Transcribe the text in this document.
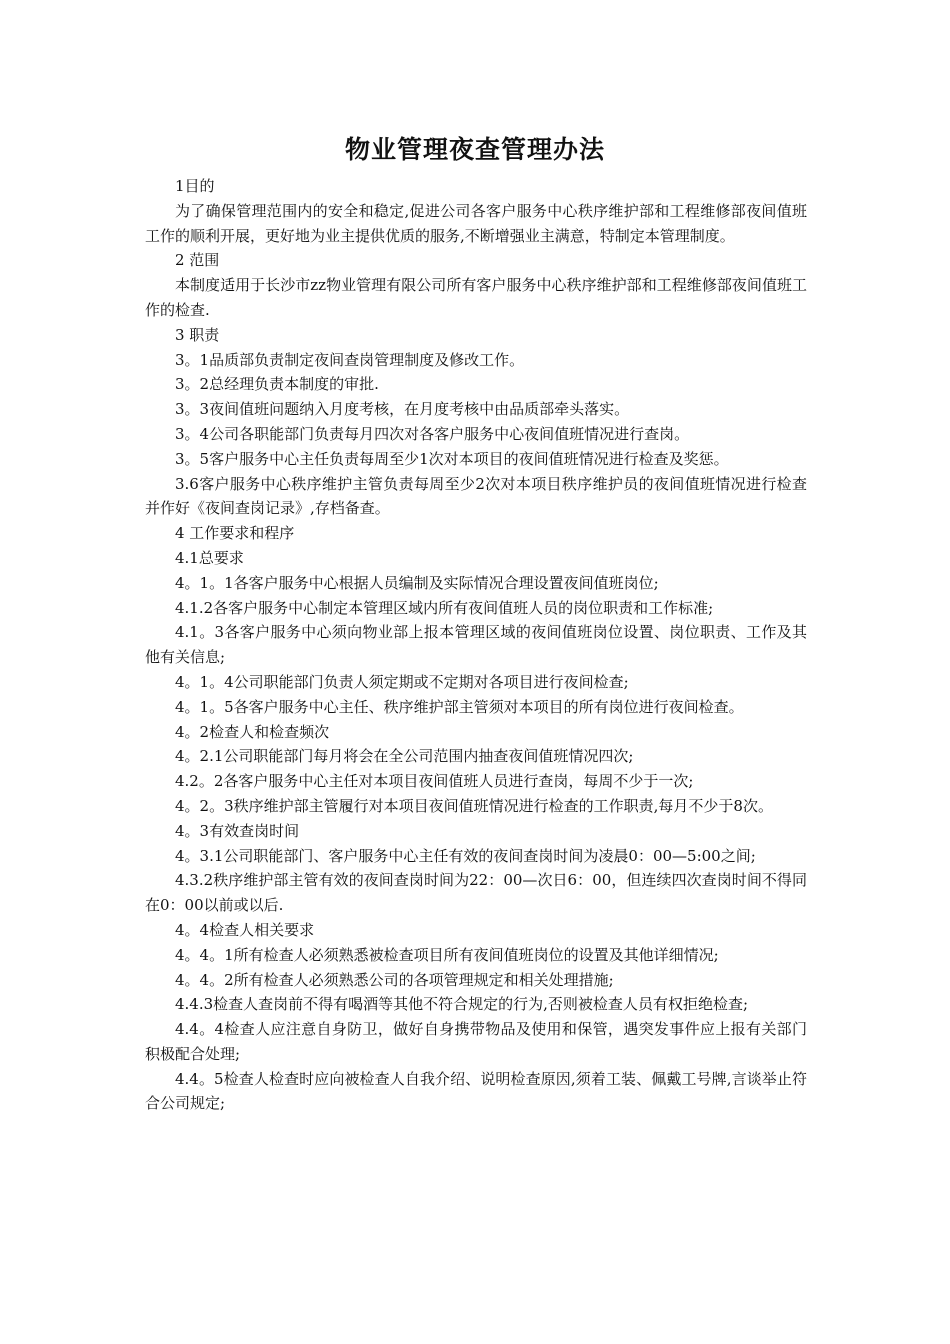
物业管理夜查管理办法

1目的

为了确保管理范围内的安全和稳定,促进公司各客户服务中心秩序维护部和工程维修部夜间值班工作的顺利开展，更好地为业主提供优质的服务,不断增强业主满意，特制定本管理制度。

2 范围

本制度适用于长沙市zz物业管理有限公司所有客户服务中心秩序维护部和工程维修部夜间值班工作的检查.

3 职责

3。1品质部负责制定夜间查岗管理制度及修改工作。

3。2总经理负责本制度的审批.

3。3夜间值班问题纳入月度考核，在月度考核中由品质部牵头落实。

3。4公司各职能部门负责每月四次对各客户服务中心夜间值班情况进行查岗。

3。5客户服务中心主任负责每周至少1次对本项目的夜间值班情况进行检查及奖惩。

3.6客户服务中心秩序维护主管负责每周至少2次对本项目秩序维护员的夜间值班情况进行检查并作好《夜间查岗记录》,存档备查。

4 工作要求和程序

4.1总要求

4。1。1各客户服务中心根据人员编制及实际情况合理设置夜间值班岗位;

4.1.2各客户服务中心制定本管理区域内所有夜间值班人员的岗位职责和工作标准;

4.1。3各客户服务中心须向物业部上报本管理区域的夜间值班岗位设置、岗位职责、工作及其他有关信息;

4。1。4公司职能部门负责人须定期或不定期对各项目进行夜间检查;

4。1。5各客户服务中心主任、秩序维护部主管须对本项目的所有岗位进行夜间检查。

4。2检查人和检查频次

4。2.1公司职能部门每月将会在全公司范围内抽查夜间值班情况四次;

4.2。2各客户服务中心主任对本项目夜间值班人员进行查岗，每周不少于一次;

4。2。3秩序维护部主管履行对本项目夜间值班情况进行检查的工作职责,每月不少于8次。

4。3有效查岗时间

4。3.1公司职能部门、客户服务中心主任有效的夜间查岗时间为凌晨0：00—5:00之间;

4.3.2秩序维护部主管有效的夜间查岗时间为22：00—次日6：00，但连续四次查岗时间不得同在0：00以前或以后.

4。4检查人相关要求

4。4。1所有检查人必须熟悉被检查项目所有夜间值班岗位的设置及其他详细情况;

4。4。2所有检查人必须熟悉公司的各项管理规定和相关处理措施;

4.4.3检查人查岗前不得有喝酒等其他不符合规定的行为,否则被检查人员有权拒绝检查;

4.4。4检查人应注意自身防卫，做好自身携带物品及使用和保管，遇突发事件应上报有关部门积极配合处理;

4.4。5检查人检查时应向被检查人自我介绍、说明检查原因,须着工装、佩戴工号牌,言谈举止符合公司规定;
